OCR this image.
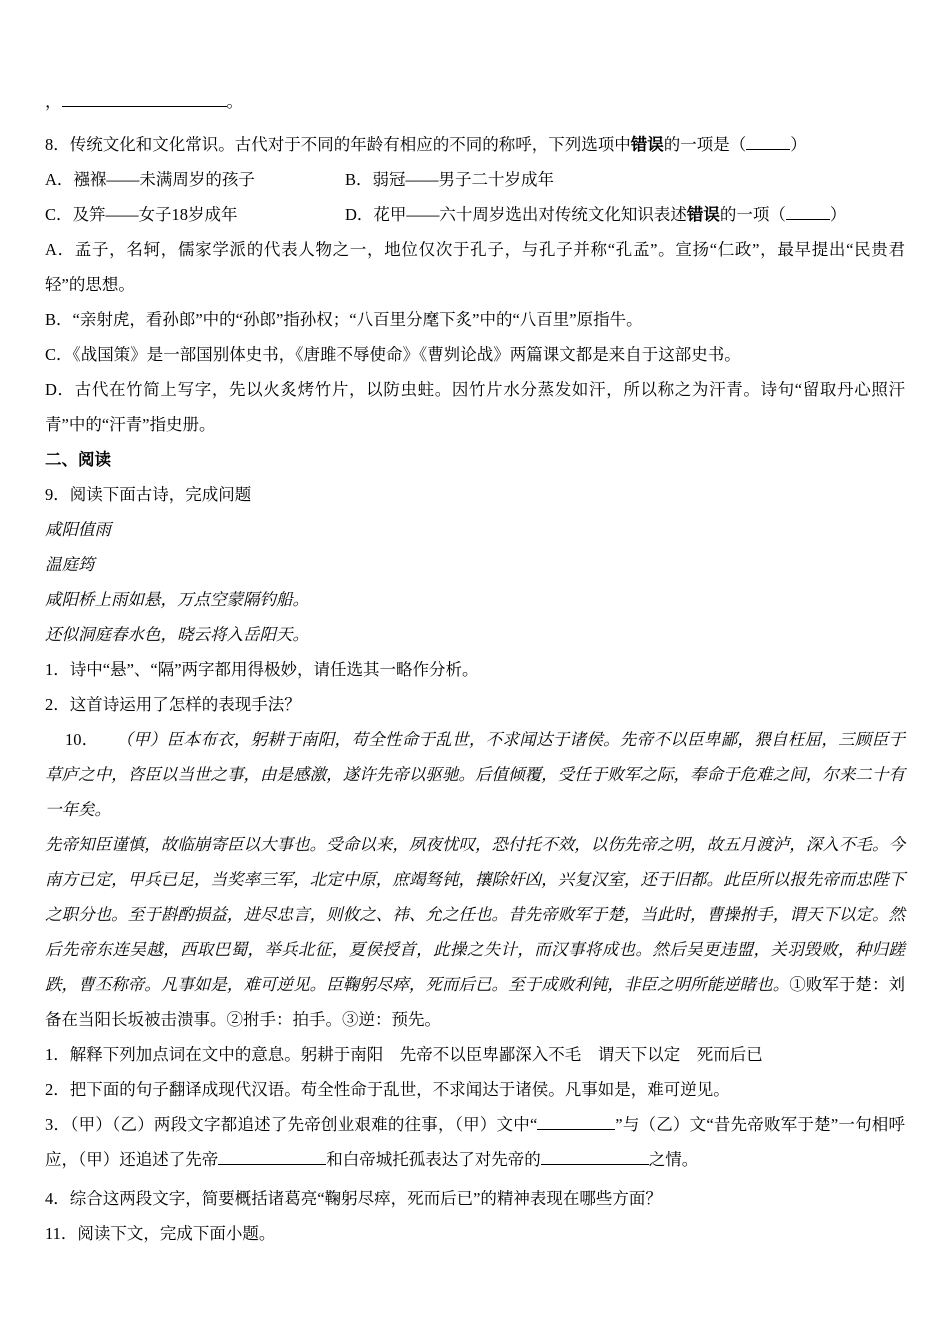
，	。

8．传统文化和文化常识。古代对于不同的年龄有相应的不同的称呼，下列选项中错误的一项是（	）

A．襁褓——未满周岁的孩子	B．弱冠——男子二十岁成年
C．及笄——女子18岁成年	D．花甲——六十周岁选出对传统文化知识表述错误的一项（	）

A．孟子，名轲，儒家学派的代表人物之一，地位仅次于孔子，与孔子并称“孔孟”。宣扬“仁政”，最早提出“民贵君轻”的思想。

B．“亲射虎，看孙郎”中的“孙郎”指孙权；“八百里分麾下炙”中的“八百里”原指牛。

C．《战国策》是一部国别体史书，《唐雎不辱使命》《曹刿论战》两篇课文都是来自于这部史书。

D．古代在竹简上写字，先以火炙烤竹片，以防虫蛀。因竹片水分蒸发如汗，所以称之为汗青。诗句“留取丹心照汗青”中的“汗青”指史册。

二、阅读

9．阅读下面古诗，完成问题

咸阳值雨

温庭筠

咸阳桥上雨如悬，万点空蒙隔钓船。

还似洞庭春水色，晓云将入岳阳天。

1．诗中“悬”、“隔”两字都用得极妙，请任选其一略作分析。

2．这首诗运用了怎样的表现手法？

10． （甲）臣本布衣，躬耕于南阳，苟全性命于乱世，不求闻达于诸侯。先帝不以臣卑鄙，猥自枉屈，三顾臣于草庐之中，咨臣以当世之事，由是感激，遂许先帝以驱驰。后值倾覆，受任于败军之际，奉命于危难之间，尔来二十有一年矣。

先帝知臣谨慎，故临崩寄臣以大事也。受命以来，夙夜忧叹，恐付托不效，以伤先帝之明，故五月渡泸，深入不毛。今南方已定，甲兵已足，当奖率三军，北定中原，庶竭驽钝，攘除奸凶，兴复汉室，还于旧都。此臣所以报先帝而忠陛下之职分也。至于斟酌损益，进尽忠言，则攸之、祎、允之任也。昔先帝败军于楚，当此时，曹操拊手，谓天下以定。然后先帝东连吴越，西取巴蜀，举兵北征，夏侯授首，此操之失计，而汉事将成也。然后吴更违盟，关羽毁败，种归蹉跌，曹丕称帝。凡事如是，难可逆见。臣鞠躬尽瘁，死而后已。至于成败利钝，非臣之明所能逆睹也。①败军于楚：刘备在当阳长坂被击溃事。②拊手：拍手。③逆：预先。

1．解释下列加点词在文中的意息。躬耕于南阳　先帝不以臣卑鄙深入不毛　谓天下以定　死而后已

2．把下面的句子翻译成现代汉语。苟全性命于乱世，不求闻达于诸侯。凡事如是，难可逆见。

3．（甲）（乙）两段文字都追述了先帝创业艰难的往事，（甲）文中“	”与（乙）文“昔先帝败军于楚”一句相呼应，（甲）还追述了先帝	和白帝城托孤表达了对先帝的	之情。

4．综合这两段文字，简要概括诸葛亮“鞠躬尽瘁，死而后已”的精神表现在哪些方面？

11．阅读下文，完成下面小题。
